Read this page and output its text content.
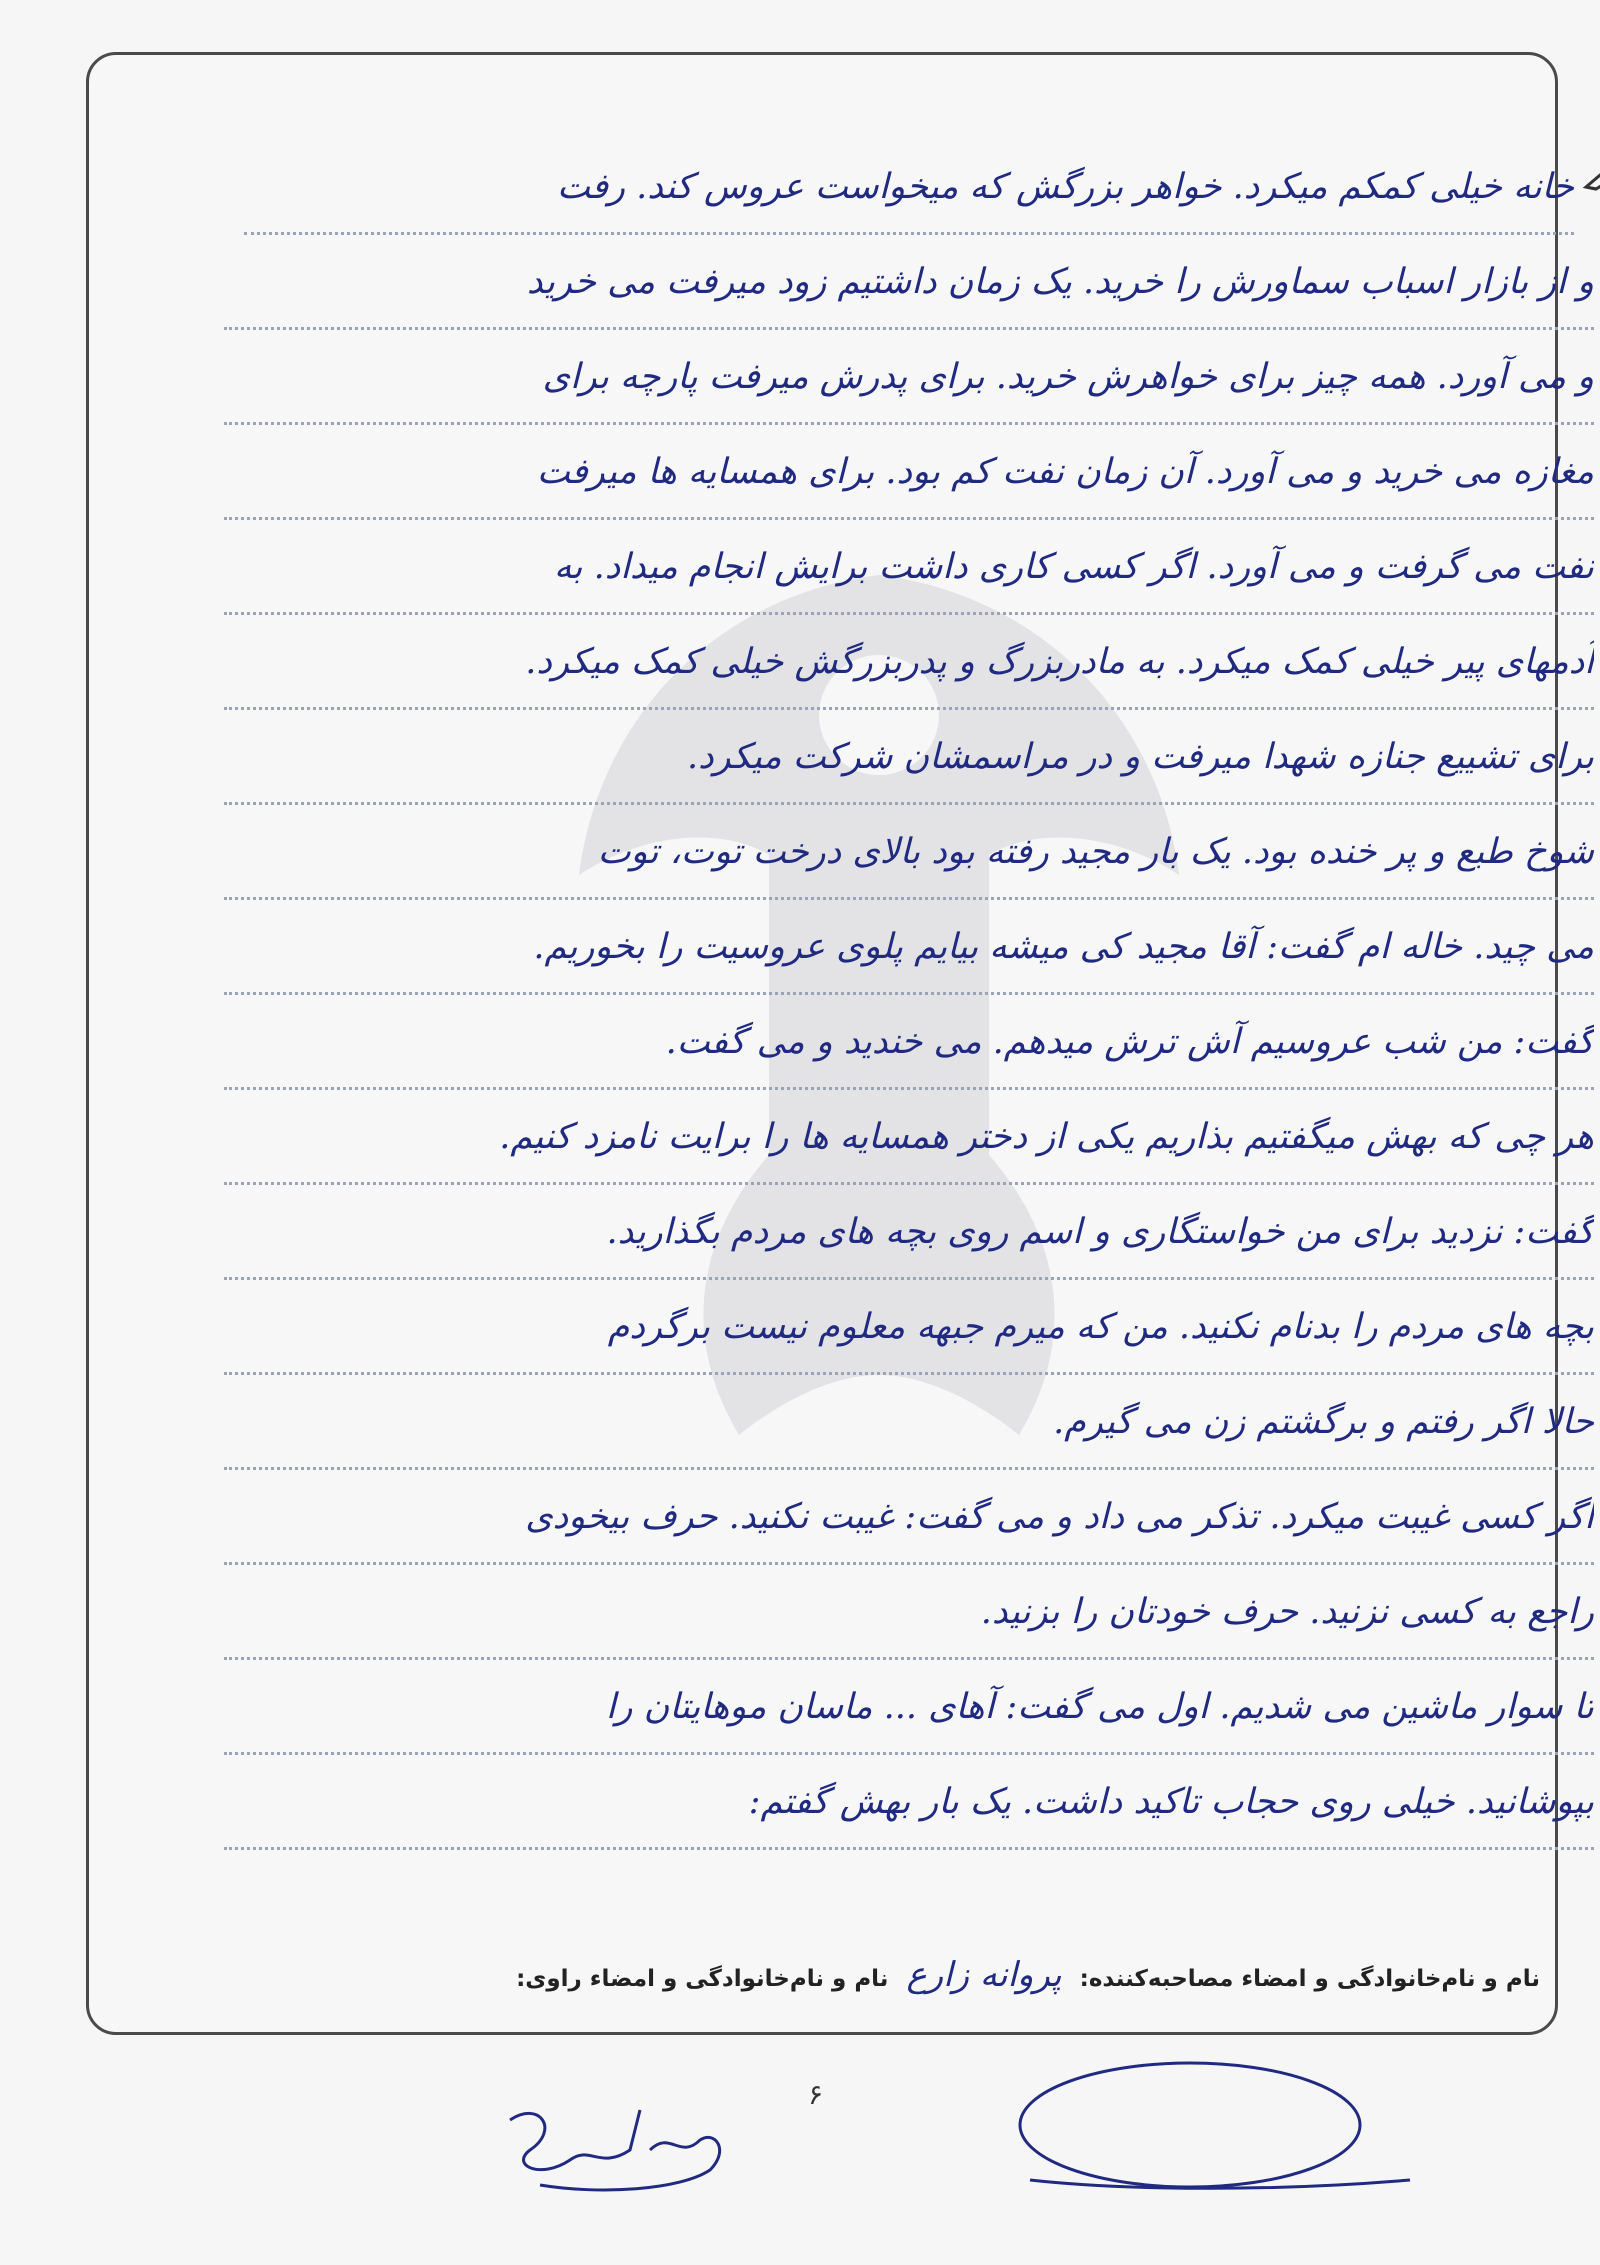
خانه خیلی کمکم میکرد. خواهر بزرگش که میخواست عروس کند. رفت
و از بازار اسباب سماورش را خرید. یک زمان داشتیم زود میرفت می خرید
و می آورد. همه چیز برای خواهرش خرید. برای پدرش میرفت پارچه برای
مغازه می خرید و می آورد. آن زمان نفت کم بود. برای همسایه ها میرفت
نفت می گرفت و می آورد. اگر کسی کاری داشت برایش انجام میداد. به
آدمهای پیر خیلی کمک میکرد. به مادربزرگ و پدربزرگش خیلی کمک میکرد.
برای تشییع جنازه شهدا میرفت و در مراسمشان شرکت میکرد.
شوخ طبع و پر خنده بود. یک بار مجید رفته بود بالای درخت توت، توت
می چید. خاله ام گفت: آقا مجید کی میشه بیایم پلوی عروسیت را بخوریم.
گفت: من شب عروسیم آش ترش میدهم. می خندید و می گفت.
هر چی که بهش میگفتیم بذاریم یکی از دختر همسایه ها را برایت نامزد کنیم.
گفت: نزدید برای من خواستگاری و اسم روی بچه های مردم بگذارید.
بچه های مردم را بدنام نکنید. من که میرم جبهه معلوم نیست برگردم
حالا اگر رفتم و برگشتم زن می گیرم.
اگر کسی غیبت میکرد. تذکر می داد و می گفت: غیبت نکنید. حرف بیخودی
راجع به کسی نزنید. حرف خودتان را بزنید.
تا سوار ماشین می شدیم. اول می گفت: آهای ... ماسان موهایتان را
بپوشانید. خیلی روی حجاب تاکید داشت. یک بار بهش گفتم:
نام و نام‌خانوادگی و امضاء مصاحبه‌کننده: پروانه زارع نام و نام‌خانوادگی و امضاء راوی:
۶
